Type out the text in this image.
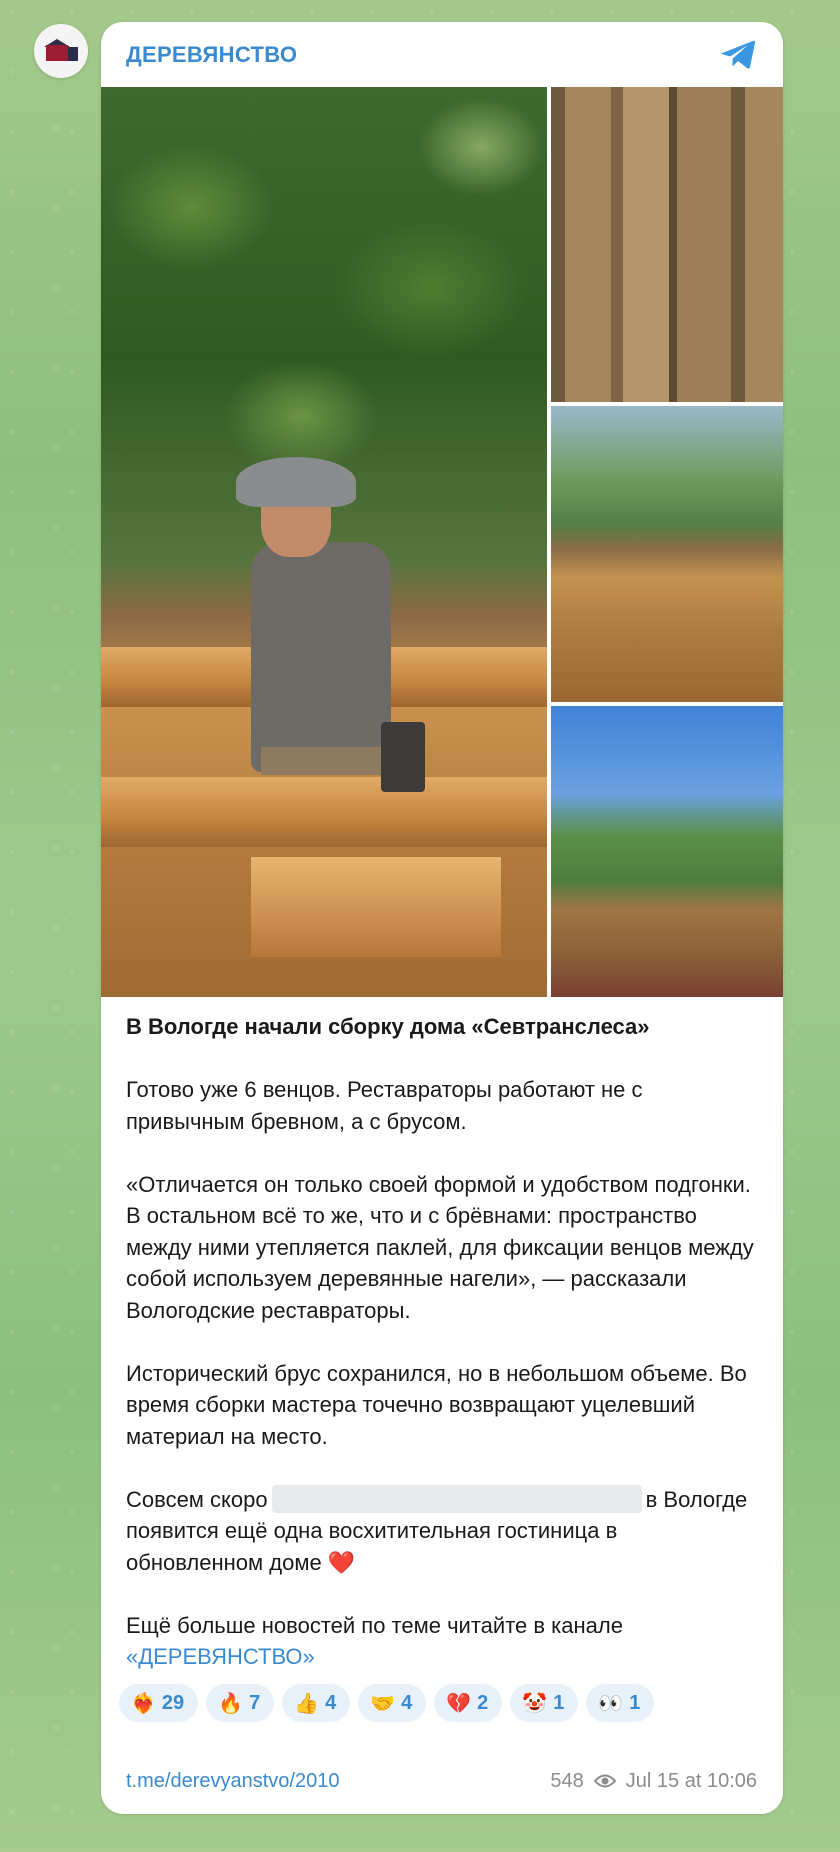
ДЕРЕВЯНСТВО

В Вологде начали сборку дома «Севтранслеса»

Готово уже 6 венцов. Реставраторы работают не с привычным бревном, а с брусом.

«Отличается он только своей формой и удобством подгонки. В остальном всё то же, что и с брёвнами: пространство между ними утепляется паклей, для фиксации венцов между собой используем деревянные нагели», — рассказали Вологодские реставраторы.

Исторический брус сохранился, но в небольшом объеме. Во время сборки мастера точечно возвращают уцелевший материал на место.

Совсем скоро	в Вологде появится ещё одна восхитительная гостиница в обновленном доме ❤️

Ещё больше новостей по теме читайте в канале
«ДЕРЕВЯНСТВО»

❤️‍🔥 29 🔥 7 👍 4 🤝 4 💔 2 🤡 1 👀 1
t.me/derevyanstvo/2010	548 Jul 15 at 10:06
